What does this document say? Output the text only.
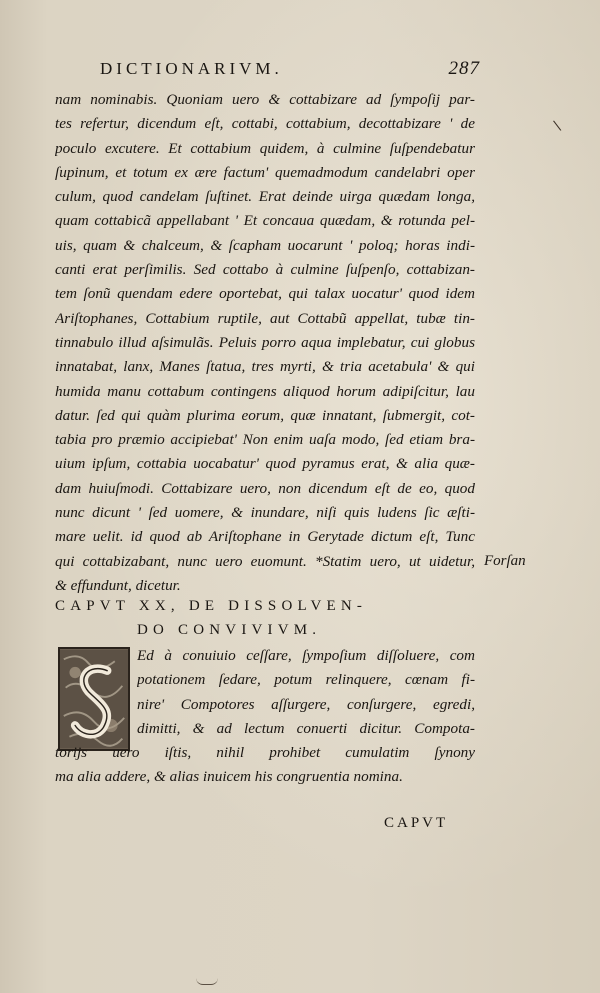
DICTIONARIVM.	287
\
nam nominabis. Quoniam uero & cottabizare ad ſympoſij par-
tes refertur, dicendum eſt, cottabi, cottabium, decottabizare ' de
poculo excutere. Et cottabium quidem, à culmine ſuſpendebatur
ſupinum, et totum ex ære factum' quemadmodum candelabri oper
culum, quod candelam ſuſtinet. Erat deinde uirga quædam longa,
quam cottabicã appellabant ' Et concaua quædam, & rotunda pel-
uis, quam & chalceum, & ſcapham uocarunt ' poloq; horas indi-
canti erat perſimilis. Sed cottabo à culmine ſuſpenſo, cottabizan-
tem ſonũ quendam edere oportebat, qui talax uocatur' quod idem
Ariſtophanes, Cottabium ruptile, aut Cottabũ appellat, tubæ tin-
tinnabulo illud aſsimulãs. Peluis porro aqua implebatur, cui globus
innatabat, lanx, Manes ſtatua, tres myrti, & tria acetabula' & qui
humida manu cottabum contingens aliquod horum adipiſcitur, lau
datur. ſed qui quàm plurima eorum, quæ innatant, ſubmergit, cot-
tabia pro præmio accipiebat' Non enim uaſa modo, ſed etiam bra-
uium ipſum, cottabia uocabatur' quod pyramus erat, & alia quæ-
dam huiuſmodi. Cottabizare uero, non dicendum eſt de eo, quod
nunc dicunt ' ſed uomere, & inundare, niſi quis ludens ſic æſti-
mare uelit. id quod ab Ariſtophane in Gerytade dictum eſt, Tunc
qui cottabizabant, nunc uero euomunt. *Statim uero, ut uidetur,
& effundunt, dicetur.
Forſan
CAPVT XX, DE DISSOLVEN-
DO CONVIVIVM.
Ed à conuiuio ceſſare, ſympoſium diſſoluere, com
potationem ſedare, potum relinquere, cœnam fi-
nire' Compotores aſſurgere, conſurgere, egredi,
dimitti, & ad lectum conuerti dicitur. Compota-
torijs uero iſtis, nihil prohibet cumulatim ſynony
ma alia addere, & alias inuicem his congruentia nomina.
CAPVT
